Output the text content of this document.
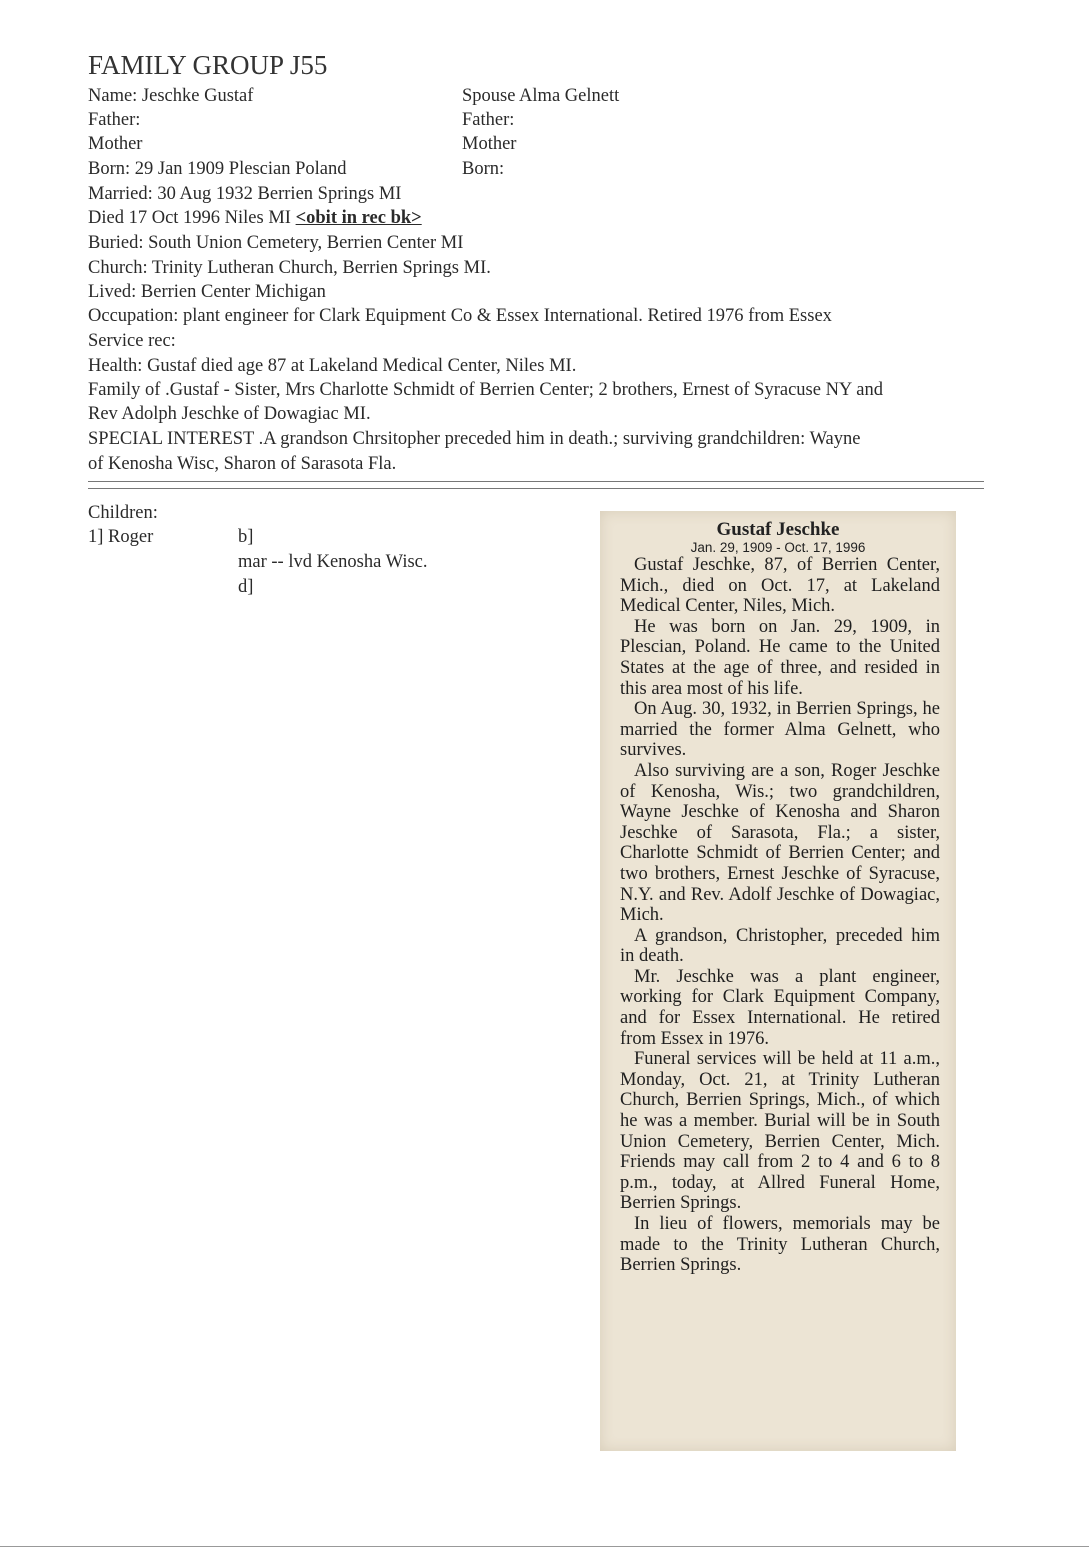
FAMILY GROUP J55
Name: Jeschke Gustaf
Father:
Mother
Born: 29 Jan 1909 Plescian Poland
Married: 30 Aug 1932 Berrien Springs MI
Spouse Alma Gelnett
Father:
Mother
Born:
Died 17 Oct 1996 Niles MI <obit in rec bk>
Buried: South Union Cemetery, Berrien Center MI
Church: Trinity Lutheran Church, Berrien Springs MI.
Lived: Berrien Center Michigan
Occupation: plant engineer for Clark Equipment Co & Essex International. Retired 1976 from Essex
Service rec:
Health: Gustaf died age 87 at Lakeland Medical Center, Niles MI.
Family of .Gustaf - Sister, Mrs Charlotte Schmidt of Berrien Center; 2 brothers, Ernest of Syracuse NY and
Rev Adolph Jeschke of Dowagiac MI.
SPECIAL INTEREST .A grandson Chrsitopher preceded him in death.; surviving grandchildren: Wayne
of Kenosha Wisc, Sharon of Sarasota Fla.
Children:
1] Roger	b]
mar -- lvd Kenosha Wisc.
d]
Gustaf Jeschke
Jan. 29, 1909 - Oct. 17, 1996

Gustaf Jeschke, 87, of Berrien Center, Mich., died on Oct. 17, at Lakeland Medical Center, Niles, Mich.

He was born on Jan. 29, 1909, in Plescian, Poland. He came to the United States at the age of three, and resided in this area most of his life.

On Aug. 30, 1932, in Berrien Springs, he married the former Alma Gelnett, who survives.

Also surviving are a son, Roger Jeschke of Kenosha, Wis.; two grandchildren, Wayne Jeschke of Kenosha and Sharon Jeschke of Sarasota, Fla.; a sister, Charlotte Schmidt of Berrien Center; and two brothers, Ernest Jeschke of Syracuse, N.Y. and Rev. Adolf Jeschke of Dowagiac, Mich.

A grandson, Christopher, preceded him in death.

Mr. Jeschke was a plant engineer, working for Clark Equipment Company, and for Essex International. He retired from Essex in 1976.

Funeral services will be held at 11 a.m., Monday, Oct. 21, at Trinity Lutheran Church, Berrien Springs, Mich., of which he was a member. Burial will be in South Union Cemetery, Berrien Center, Mich. Friends may call from 2 to 4 and 6 to 8 p.m., today, at Allred Funeral Home, Berrien Springs.

In lieu of flowers, memorials may be made to the Trinity Lutheran Church, Berrien Springs.
